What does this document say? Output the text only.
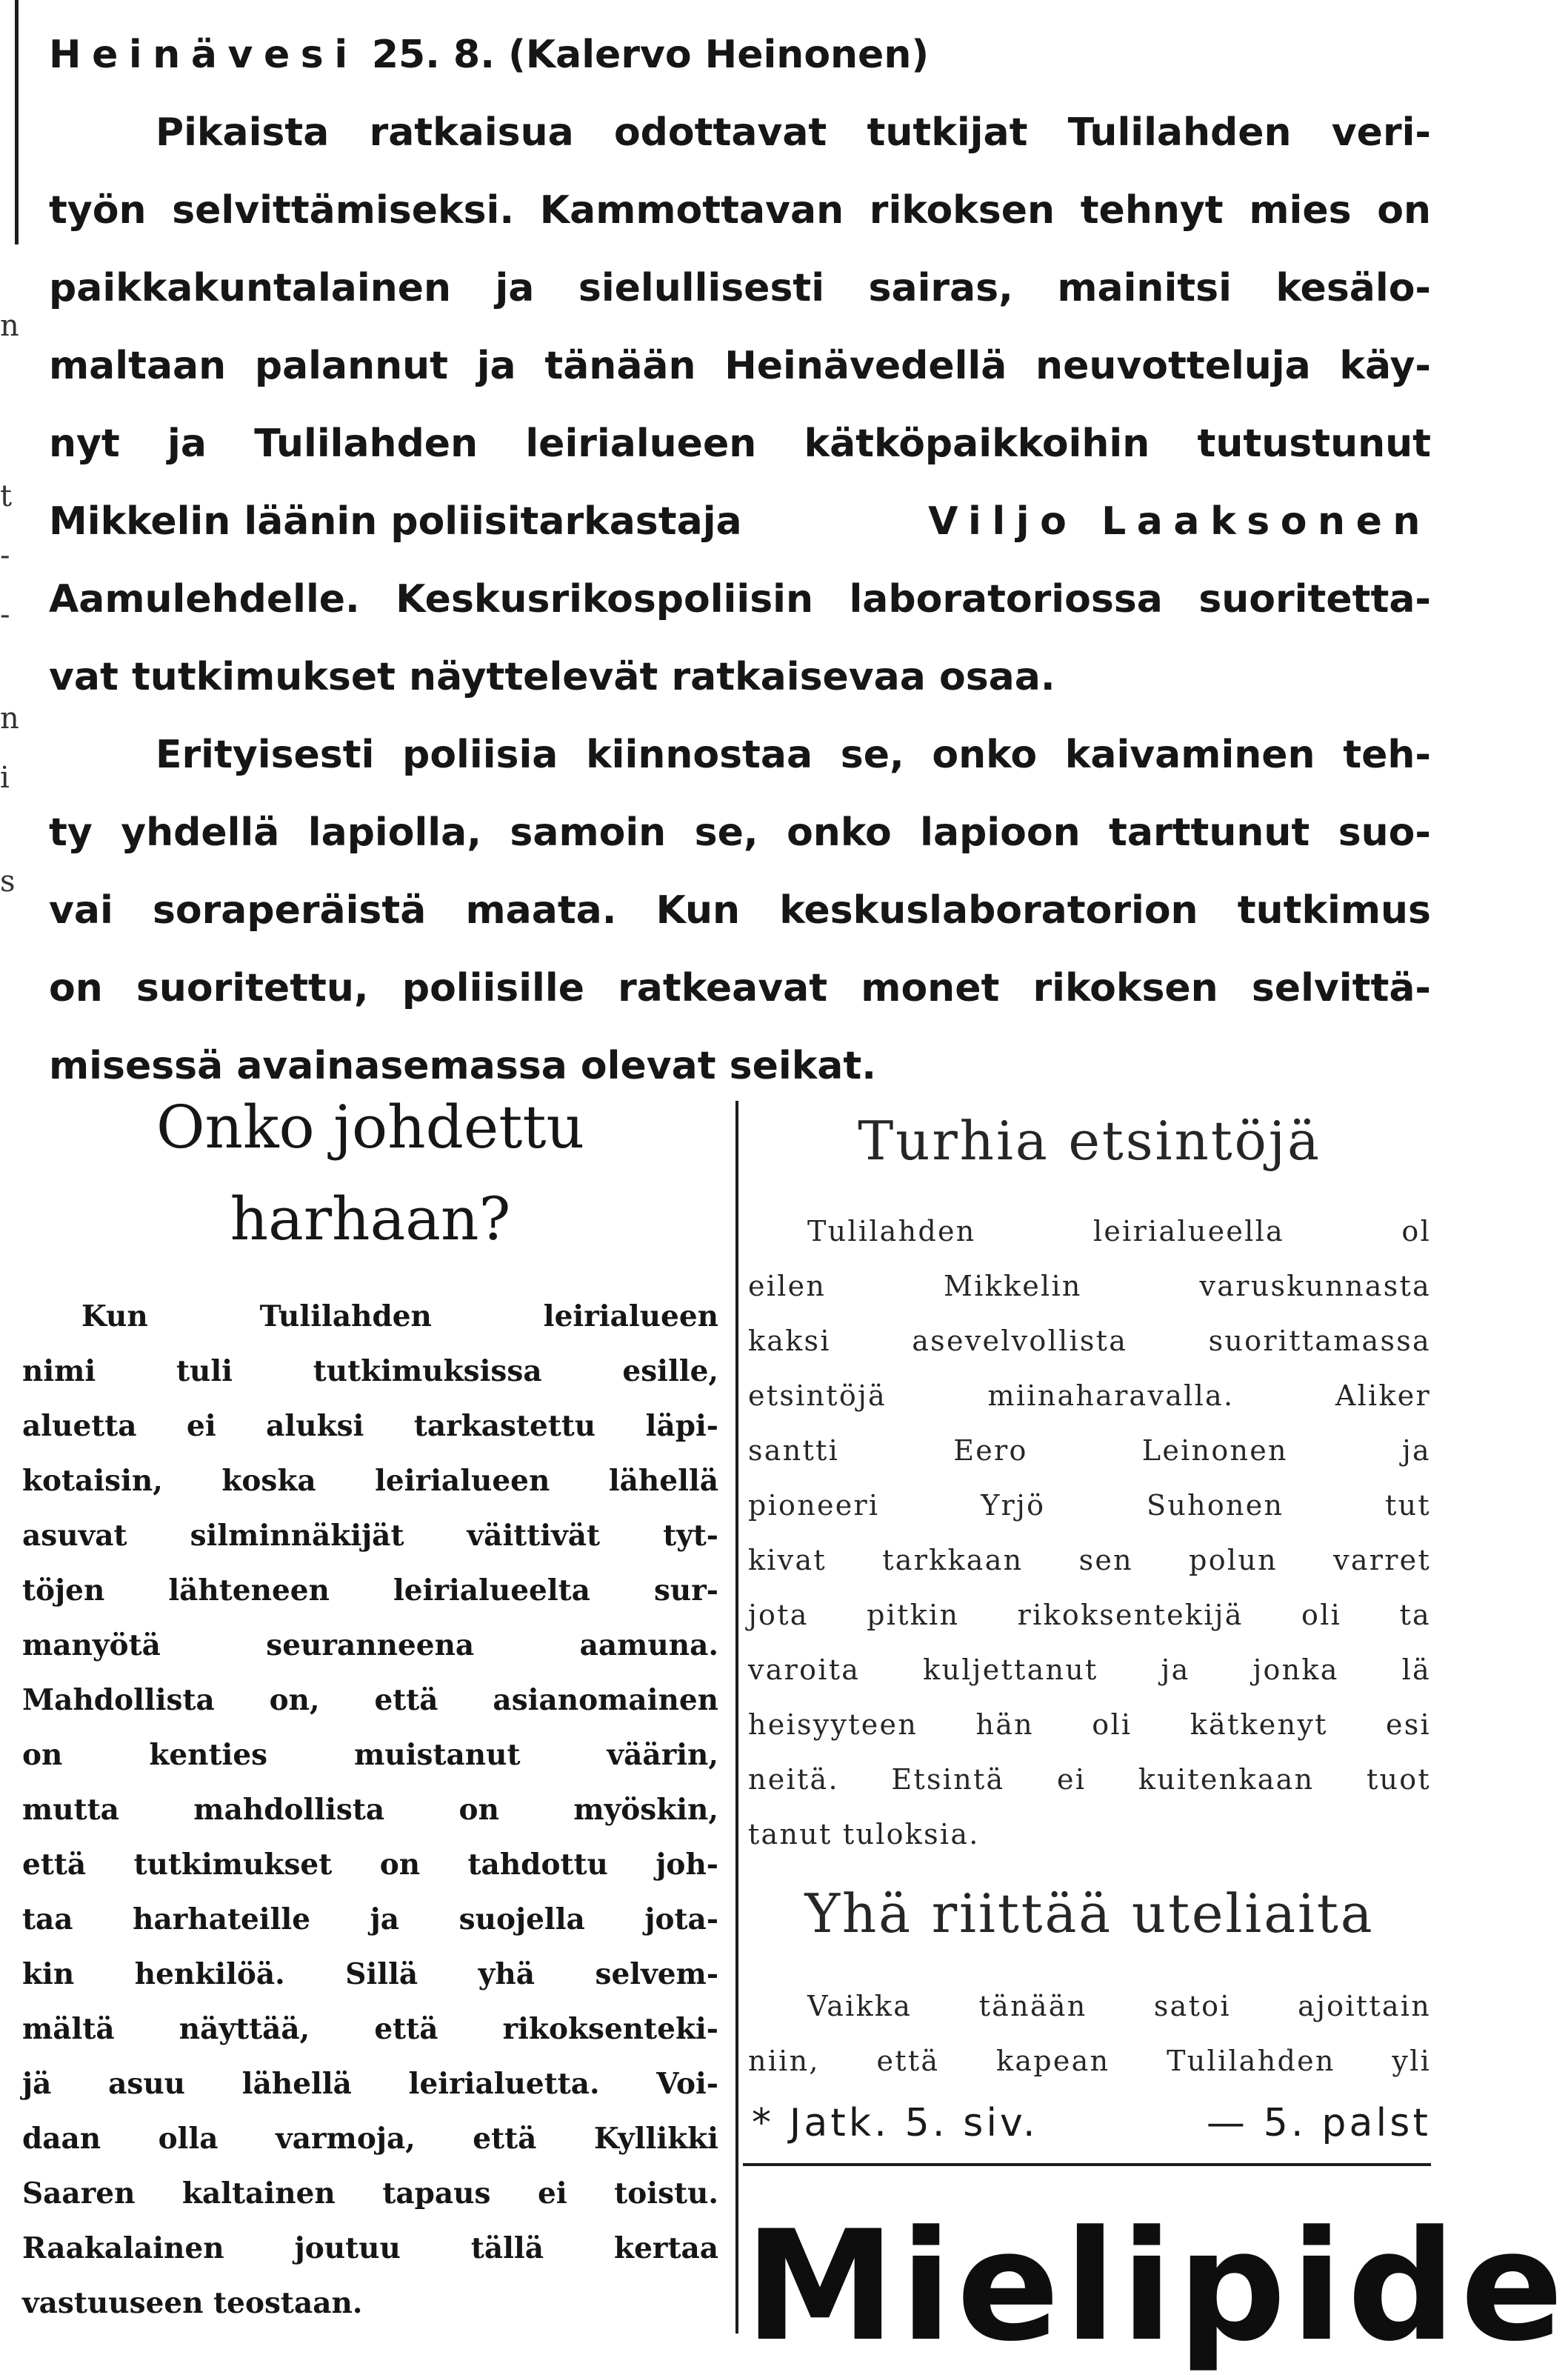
n
t
-
-
n
i
s
Heinävesi 25. 8. (Kalervo Heinonen)
Pikaista ratkaisua odottavat tutkijat Tulilahden veri-
työn selvittämiseksi. Kammottavan rikoksen tehnyt mies on
paikkakuntalainen ja sielullisesti sairas, mainitsi kesälo-
maltaan palannut ja tänään Heinävedellä neuvotteluja käy-
nyt ja Tulilahden leirialueen kätköpaikkoihin tutustunut
Mikkelin läänin poliisitarkastaja	Viljo Laaksonen
Aamulehdelle. Keskusrikospoliisin laboratoriossa suoritetta-
vat tutkimukset näyttelevät ratkaisevaa osaa.
Erityisesti poliisia kiinnostaa se, onko kaivaminen teh-
ty yhdellä lapiolla, samoin se, onko lapioon tarttunut suo-
vai soraperäistä maata. Kun keskuslaboratorion tutkimus
on suoritettu, poliisille ratkeavat monet rikoksen selvittä-
misessä avainasemassa olevat seikat.
Onko johdettu
harhaan?
Kun Tulilahden leirialueen
nimi tuli tutkimuksissa esille,
aluetta ei aluksi tarkastettu läpi-
kotaisin, koska leirialueen lähellä
asuvat silminnäkijät väittivät tyt-
töjen lähteneen leirialueelta sur-
manyötä seuranneena aamuna.
Mahdollista on, että asianomainen
on kenties muistanut väärin,
mutta mahdollista on myöskin,
että tutkimukset on tahdottu joh-
taa harhateille ja suojella jota-
kin henkilöä. Sillä yhä selvem-
mältä näyttää, että rikoksenteki-
jä asuu lähellä leirialuetta. Voi-
daan olla varmoja, että Kyllikki
Saaren kaltainen tapaus ei toistu.
Raakalainen joutuu tällä kertaa
vastuuseen teostaan.
Turhia etsintöjä
Tulilahden leirialueella ol
eilen Mikkelin varuskunnasta
kaksi asevelvollista suorittamassa
etsintöjä miinaharavalla. Aliker
santti Eero Leinonen ja
pioneeri Yrjö Suhonen tut
kivat tarkkaan sen polun varret
jota pitkin rikoksentekijä oli ta
varoita kuljettanut ja jonka lä
heisyyteen hän oli kätkenyt esi
neitä. Etsintä ei kuitenkaan tuot
tanut tuloksia.
Yhä riittää uteliaita
Vaikka tänään satoi ajoittain
niin, että kapean Tulilahden yli
* Jatk. 5. siv.	— 5. palst
Mielipide
